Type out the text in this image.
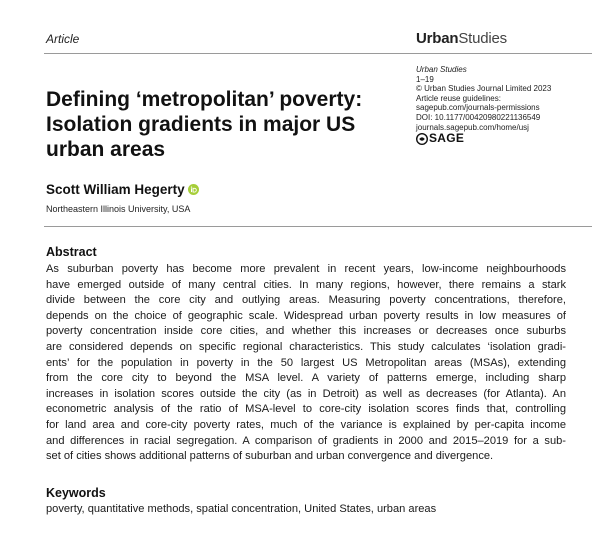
Article	UrbanStudies
Defining ‘metropolitan’ poverty:
Isolation gradients in major US
urban areas
Urban Studies
1–19
© Urban Studies Journal Limited 2023
Article reuse guidelines:
sagepub.com/journals-permissions
DOI: 10.1177/00420980221136549
journals.sagepub.com/home/usj
SAGE
Scott William Hegerty
Northeastern Illinois University, USA
Abstract
As suburban poverty has become more prevalent in recent years, low-income neighbourhoods
have emerged outside of many central cities. In many regions, however, there remains a stark
divide between the core city and outlying areas. Measuring poverty concentrations, therefore,
depends on the choice of geographic scale. Widespread urban poverty results in low measures of
poverty concentration inside core cities, and whether this increases or decreases once suburbs
are considered depends on specific regional characteristics. This study calculates ‘isolation gradi-
ents’ for the population in poverty in the 50 largest US Metropolitan areas (MSAs), extending
from the core city to beyond the MSA level. A variety of patterns emerge, including sharp
increases in isolation scores outside the city (as in Detroit) as well as decreases (for Atlanta). An
econometric analysis of the ratio of MSA-level to core-city isolation scores finds that, controlling
for land area and core-city poverty rates, much of the variance is explained by per-capita income
and differences in racial segregation. A comparison of gradients in 2000 and 2015–2019 for a sub-
set of cities shows additional patterns of suburban and urban convergence and divergence.
Keywords
poverty, quantitative methods, spatial concentration, United States, urban areas
